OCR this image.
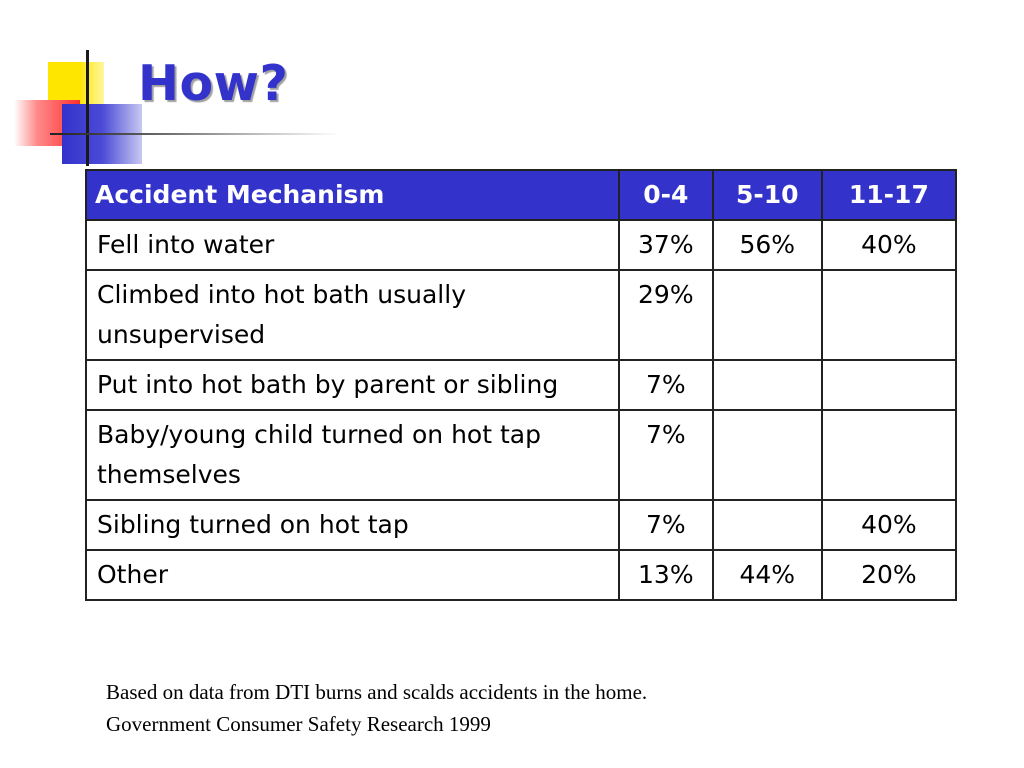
How?
Accident Mechanism	0-4	5-10	11-17
Fell into water	37%	56%	40%
Climbed into hot bath usually unsupervised	29%		
Put into hot bath by parent or sibling	7%		
Baby/young child turned on hot tap themselves	7%		
Sibling turned on hot tap	7%		40%
Other	13%	44%	20%
Based on data from DTI burns and scalds accidents in the home.
Government Consumer Safety Research 1999
